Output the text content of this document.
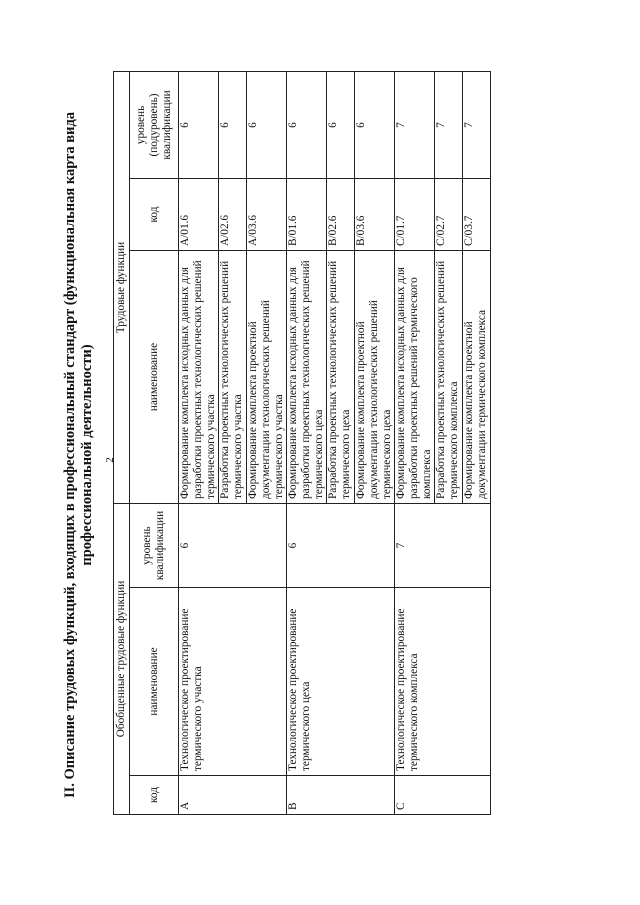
2
II. Описание трудовых функций, входящих в профессиональный стандарт (функциональная карта вида профессиональной деятельности)
Обобщенные трудовые функции			Трудовые функции		
код	наименование	уровень квалификации	наименование	код	уровень (подуровень) квалификации
A	Технологическое проектирование термического участка	6	Формирование комплекта исходных данных для разработки проектных технологических решений термического участка	A/01.6	6
			Разработка проектных технологических решений термического участка	A/02.6	6
			Формирование комплекта проектной документации технологических решений термического участка	A/03.6	6
B	Технологическое проектирование термического цеха	6	Формирование комплекта исходных данных для разработки проектных технологических решений термического цеха	B/01.6	6
			Разработка проектных технологических решений термического цеха	B/02.6	6
			Формирование комплекта проектной документации технологических решений термического цеха	B/03.6	6
C	Технологическое проектирование термического комплекса	7	Формирование комплекта исходных данных для разработки проектных решений термического комплекса	C/01.7	7
			Разработка проектных технологических решений термического комплекса	C/02.7	7
			Формирование комплекта проектной документации термического комплекса	C/03.7	7
